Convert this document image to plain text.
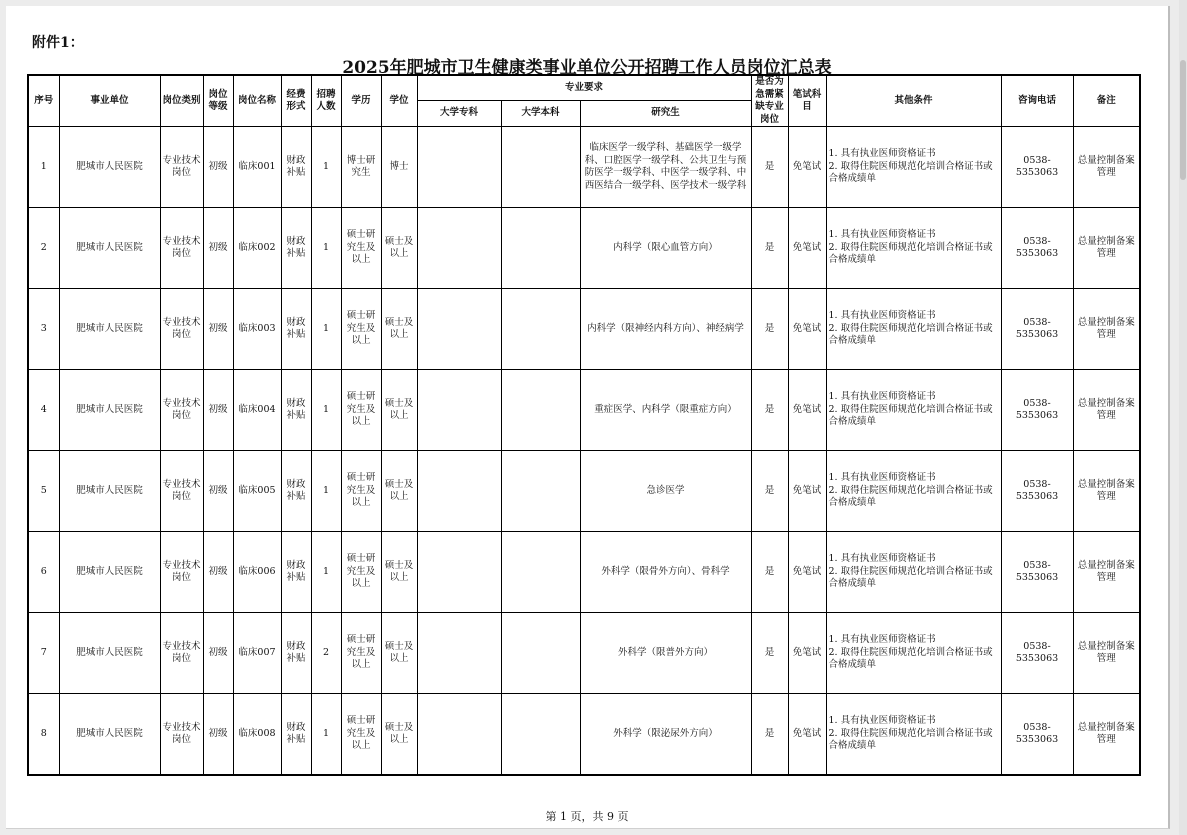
附件1：
2025年肥城市卫生健康类事业单位公开招聘工作人员岗位汇总表
序号	事业单位	岗位类别	岗位等级	岗位名称	经费形式	招聘人数	学历	学位	专业要求			是否为急需紧缺专业岗位	笔试科目	其他条件	咨询电话	备注
									大学专科	大学本科	研究生					
1	肥城市人民医院	专业技术岗位	初级	临床001	财政补贴	1	博士研究生	博士			临床医学一级学科、基础医学一级学科、口腔医学一级学科、公共卫生与预防医学一级学科、中医学一级学科、中西医结合一级学科、医学技术一级学科	是	免笔试	1. 具有执业医师资格证书
2. 取得住院医师规范化培训合格证书或合格成绩单	0538-5353063	总量控制备案管理
2	肥城市人民医院	专业技术岗位	初级	临床002	财政补贴	1	硕士研究生及以上	硕士及以上			内科学（限心血管方向）	是	免笔试	1. 具有执业医师资格证书
2. 取得住院医师规范化培训合格证书或合格成绩单	0538-5353063	总量控制备案管理
3	肥城市人民医院	专业技术岗位	初级	临床003	财政补贴	1	硕士研究生及以上	硕士及以上			内科学（限神经内科方向）、神经病学	是	免笔试	1. 具有执业医师资格证书
2. 取得住院医师规范化培训合格证书或合格成绩单	0538-5353063	总量控制备案管理
4	肥城市人民医院	专业技术岗位	初级	临床004	财政补贴	1	硕士研究生及以上	硕士及以上			重症医学、内科学（限重症方向）	是	免笔试	1. 具有执业医师资格证书
2. 取得住院医师规范化培训合格证书或合格成绩单	0538-5353063	总量控制备案管理
5	肥城市人民医院	专业技术岗位	初级	临床005	财政补贴	1	硕士研究生及以上	硕士及以上			急诊医学	是	免笔试	1. 具有执业医师资格证书
2. 取得住院医师规范化培训合格证书或合格成绩单	0538-5353063	总量控制备案管理
6	肥城市人民医院	专业技术岗位	初级	临床006	财政补贴	1	硕士研究生及以上	硕士及以上			外科学（限骨外方向）、骨科学	是	免笔试	1. 具有执业医师资格证书
2. 取得住院医师规范化培训合格证书或合格成绩单	0538-5353063	总量控制备案管理
7	肥城市人民医院	专业技术岗位	初级	临床007	财政补贴	2	硕士研究生及以上	硕士及以上			外科学（限普外方向）	是	免笔试	1. 具有执业医师资格证书
2. 取得住院医师规范化培训合格证书或合格成绩单	0538-5353063	总量控制备案管理
8	肥城市人民医院	专业技术岗位	初级	临床008	财政补贴	1	硕士研究生及以上	硕士及以上			外科学（限泌尿外方向）	是	免笔试	1. 具有执业医师资格证书
2. 取得住院医师规范化培训合格证书或合格成绩单	0538-5353063	总量控制备案管理
第 1 页，共 9 页
